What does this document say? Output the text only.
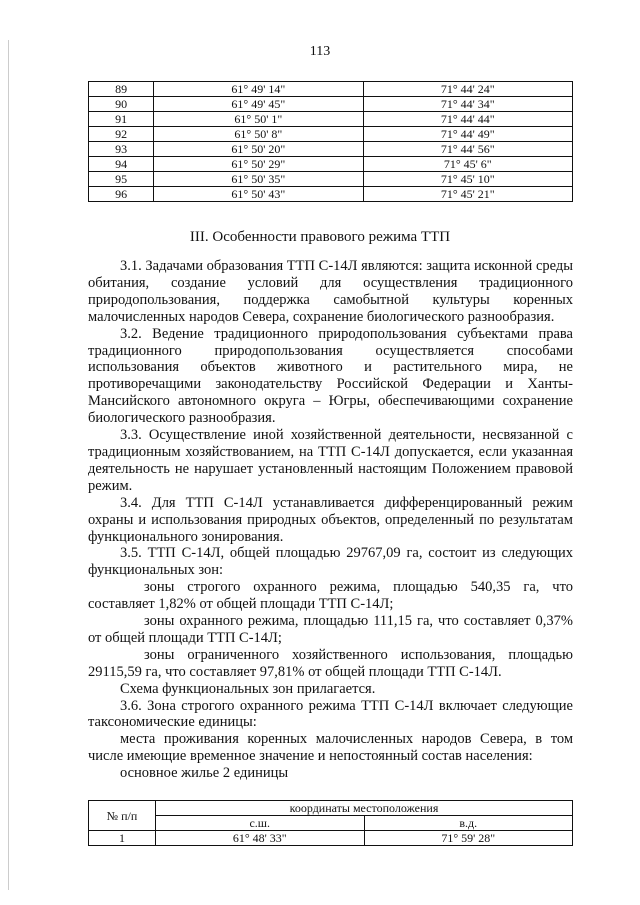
113
89	61° 49' 14"	71° 44' 24"
90	61° 49' 45"	71° 44' 34"
91	61° 50' 1"	71° 44' 44"
92	61° 50' 8"	71° 44' 49"
93	61° 50' 20"	71° 44' 56"
94	61° 50' 29"	71° 45' 6"
95	61° 50' 35"	71° 45' 10"
96	61° 50' 43"	71° 45' 21"
III. Особенности правового режима ТТП

3.1. Задачами образования ТТП С-14Л являются: защита исконной среды обитания, создание условий для осуществления традиционного природопользования, поддержка самобытной культуры коренных малочисленных народов Севера, сохранение биологического разнообразия.

3.2. Ведение традиционного природопользования субъектами права традиционного природопользования осуществляется способами использования объектов животного и растительного мира, не противоречащими законодательству Российской Федерации и Ханты-Мансийского автономного округа – Югры, обеспечивающими сохранение биологического разнообразия.

3.3. Осуществление иной хозяйственной деятельности, несвязанной с традиционным хозяйствованием, на ТТП С-14Л допускается, если указанная деятельность не нарушает установленный настоящим Положением правовой режим.

3.4. Для ТТП С-14Л устанавливается дифференцированный режим охраны и использования природных объектов, определенный по результатам функционального зонирования.

3.5. ТТП С-14Л, общей площадью 29767,09 га, состоит из следующих функциональных зон:

зоны строгого охранного режима, площадью 540,35 га, что составляет 1,82% от общей площади ТТП С-14Л;

зоны охранного режима, площадью 111,15 га, что составляет 0,37% от общей площади ТТП С-14Л;

зоны ограниченного хозяйственного использования, площадью 29115,59 га, что составляет 97,81% от общей площади ТТП С-14Л.

Схема функциональных зон прилагается.

3.6. Зона строгого охранного режима ТТП С-14Л включает следующие таксономические единицы:

места проживания коренных малочисленных народов Севера, в том числе имеющие временное значение и непостоянный состав населения:

основное жилье 2 единицы

№ п/п	координаты местоположения	
	с.ш.	в.д.
1	61° 48' 33"	71° 59' 28"
